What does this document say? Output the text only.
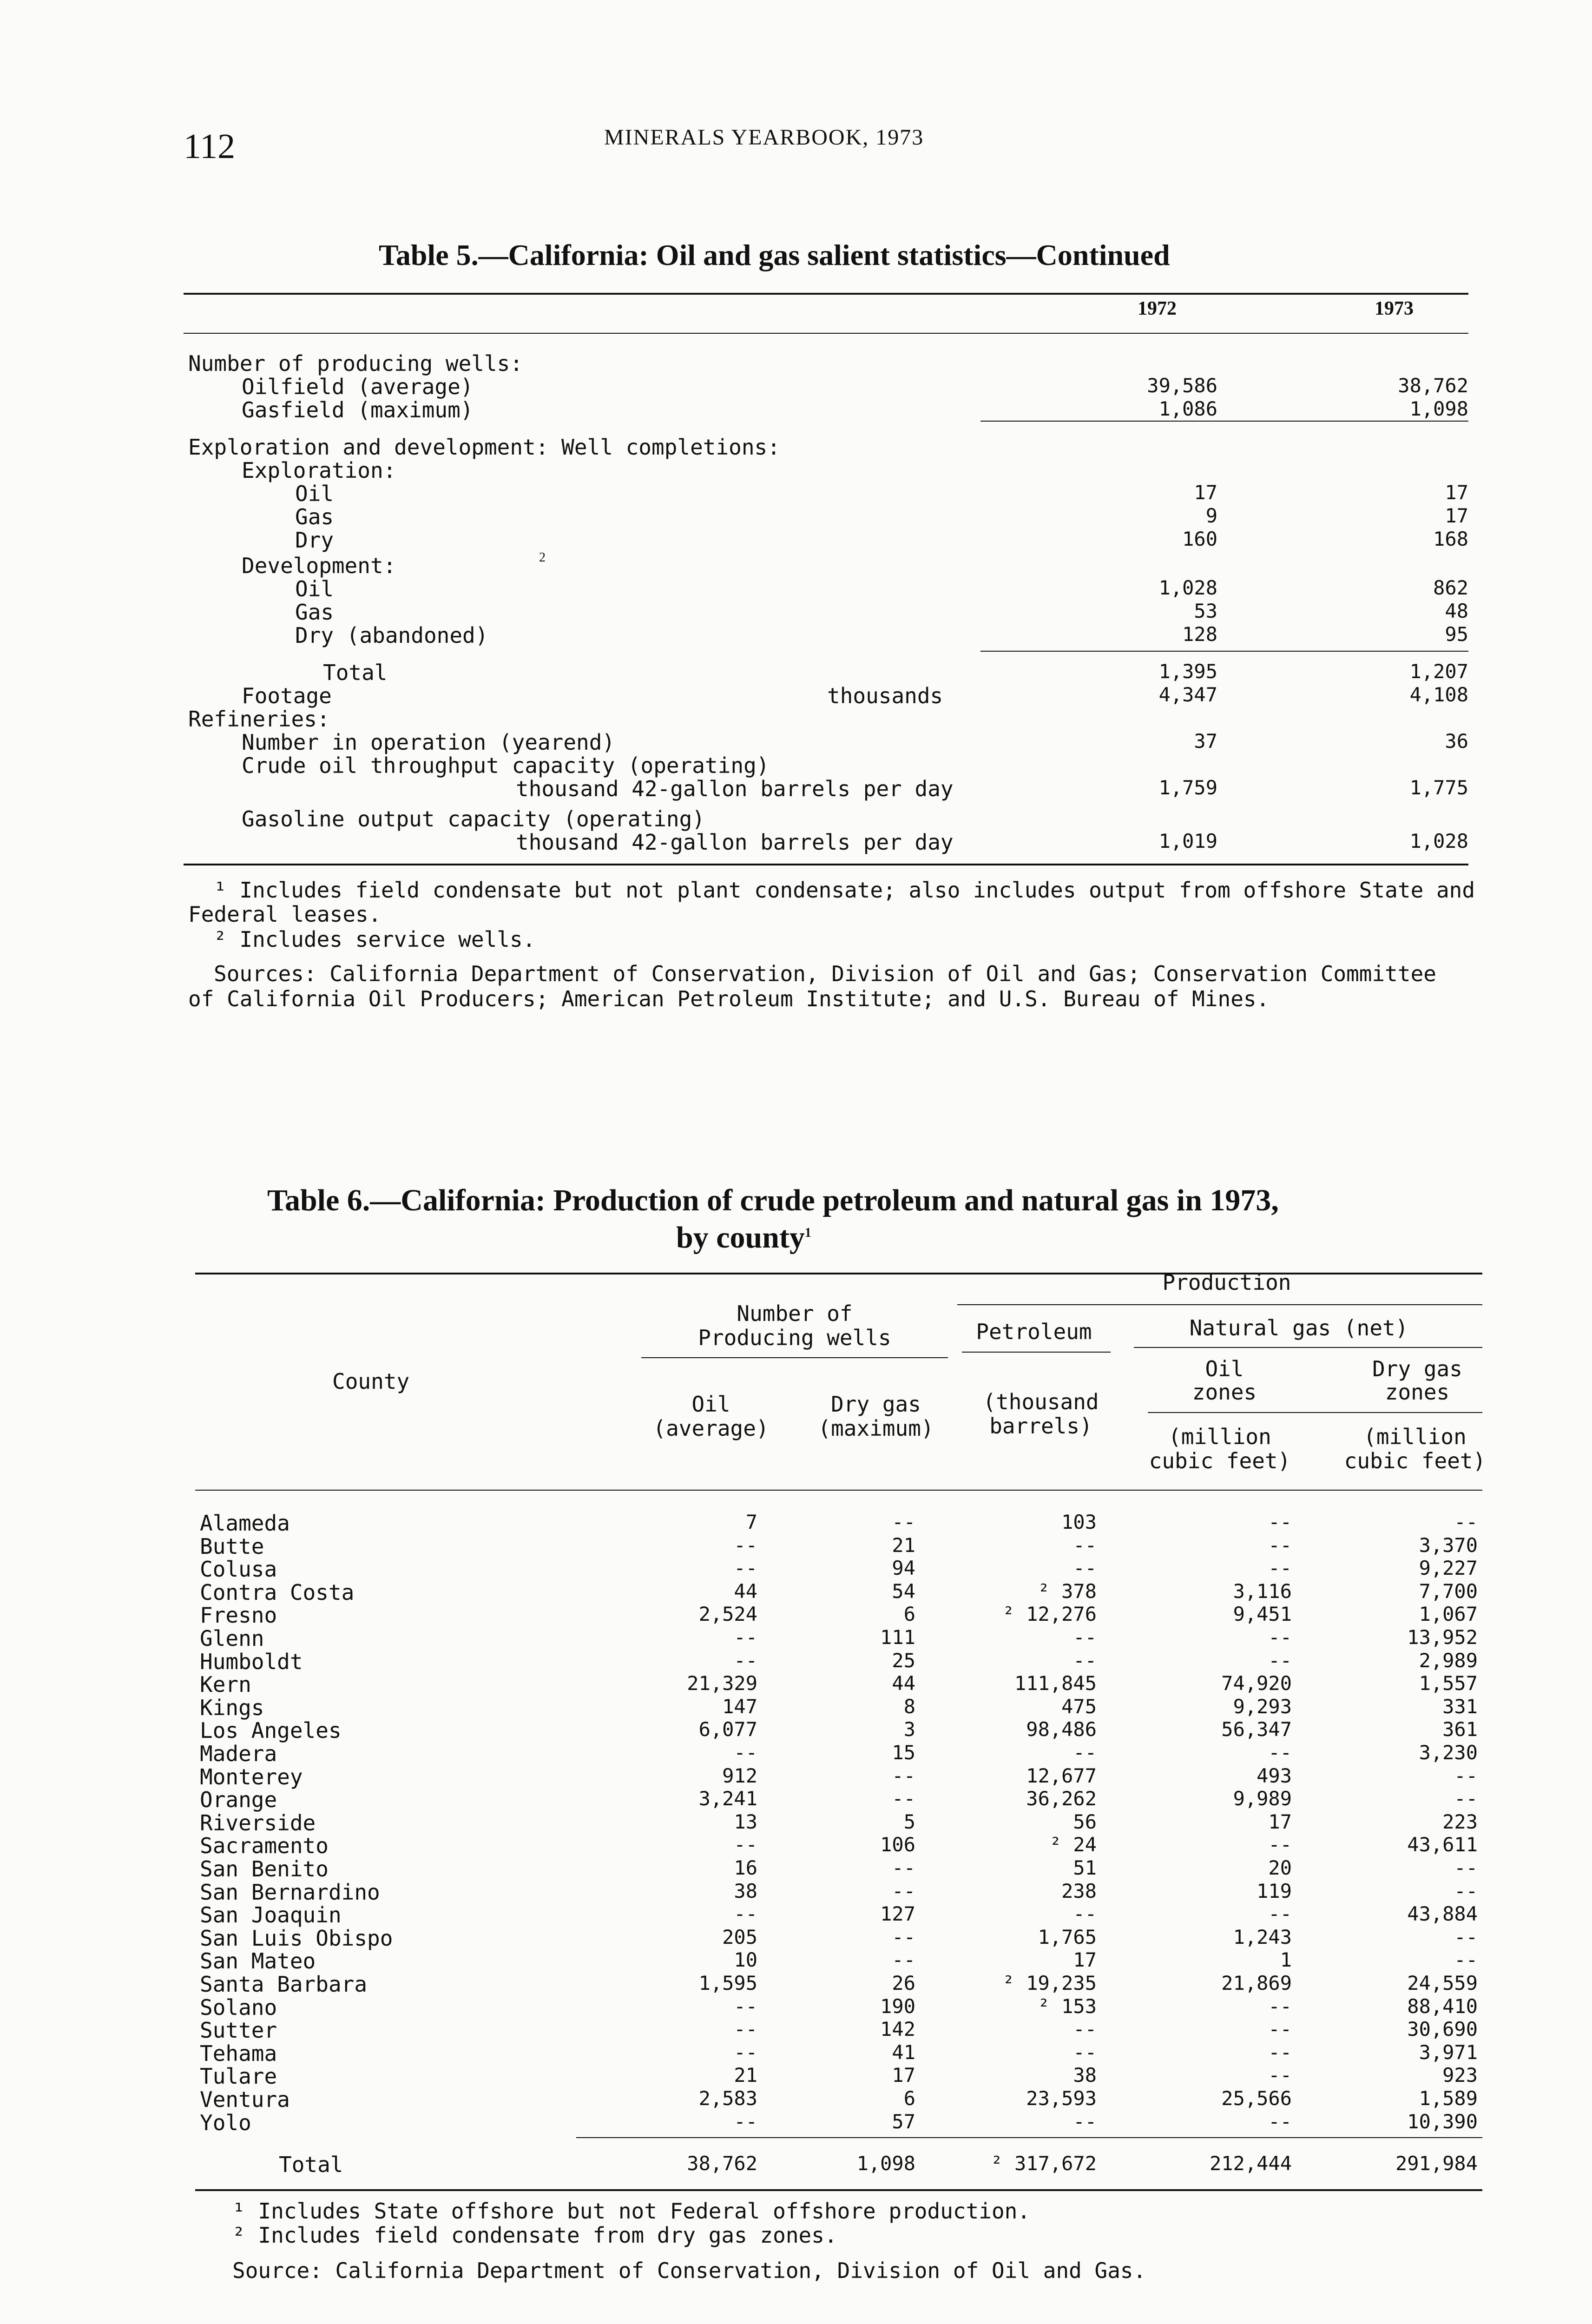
112	MINERALS YEARBOOK, 1973
Table 5.—California: Oil and gas salient statistics—Continued
1972	1973
Number of producing wells:
Oilfield (average)	39,586	38,762
Gasfield (maximum)	1,086	1,098
Exploration and development: Well completions:
Exploration:
Oil	17	17
Gas	9	17
Dry	160	168
Development:	2
Oil	1,028	862
Gas	53	48
Dry (abandoned)	128	95
Total	1,395	1,207
Footage	thousands	4,347	4,108
Refineries:
Number in operation (yearend)	37	36
Crude oil throughput capacity (operating)
thousand 42-gallon barrels per day	1,759	1,775
Gasoline output capacity (operating)
thousand 42-gallon barrels per day	1,019	1,028
¹ Includes field condensate but not plant condensate; also includes output from offshore State and
Federal leases.
² Includes service wells.
Sources: California Department of Conservation, Division of Oil and Gas; Conservation Committee
of California Oil Producers; American Petroleum Institute; and U.S. Bureau of Mines.
Table 6.—California: Production of crude petroleum and natural gas in 1973,
by county$^1$
Number of Producing wells
Production
Petroleum	Natural gas (net)
County
Oil (average)
Dry gas (maximum)
(thousand barrels)
Oil zones
Dry gas zones
(million cubic feet)
(million cubic feet)
Alameda	7	--	103	--	--
Butte	--	21	--	--	3,370
Colusa	--	94	--	--	9,227
Contra Costa	44	54	² 378	3,116	7,700
Fresno	2,524	6	² 12,276	9,451	1,067
Glenn	--	111	--	--	13,952
Humboldt	--	25	--	--	2,989
Kern	21,329	44	111,845	74,920	1,557
Kings	147	8	475	9,293	331
Los Angeles	6,077	3	98,486	56,347	361
Madera	--	15	--	--	3,230
Monterey	912	--	12,677	493	--
Orange	3,241	--	36,262	9,989	--
Riverside	13	5	56	17	223
Sacramento	--	106	² 24	--	43,611
San Benito	16	--	51	20	--
San Bernardino	38	--	238	119	--
San Joaquin	--	127	--	--	43,884
San Luis Obispo	205	--	1,765	1,243	--
San Mateo	10	--	17	1	--
Santa Barbara	1,595	26	² 19,235	21,869	24,559
Solano	--	190	² 153	--	88,410
Sutter	--	142	--	--	30,690
Tehama	--	41	--	--	3,971
Tulare	21	17	38	--	923
Ventura	2,583	6	23,593	25,566	1,589
Yolo	--	57	--	--	10,390
Total	38,762	1,098	² 317,672	212,444	291,984
¹ Includes State offshore but not Federal offshore production.
² Includes field condensate from dry gas zones.
Source: California Department of Conservation, Division of Oil and Gas.
